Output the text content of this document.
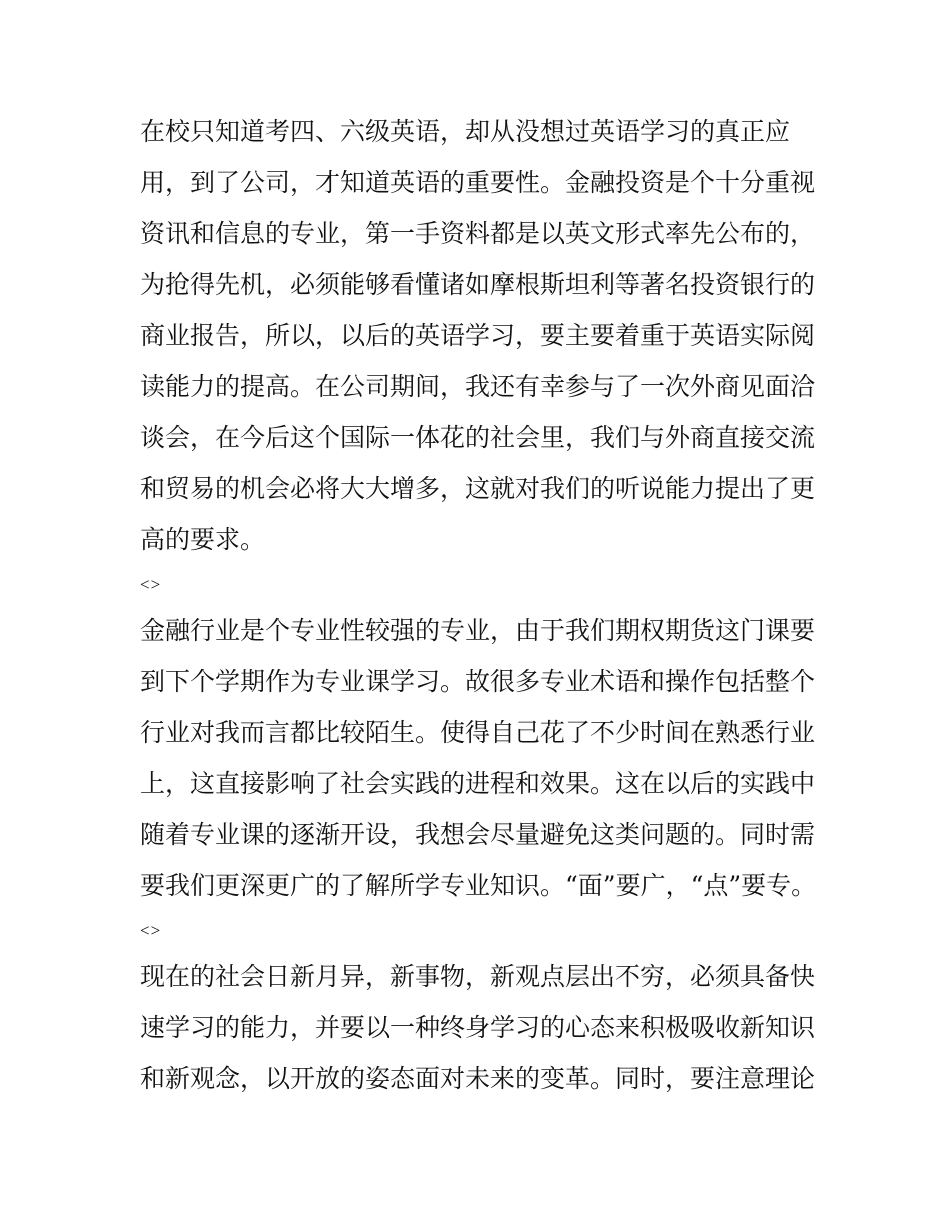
在校只知道考四、六级英语，却从没想过英语学习的真正应
用，到了公司，才知道英语的重要性。金融投资是个十分重视
资讯和信息的专业，第一手资料都是以英文形式率先公布的，
为抢得先机，必须能够看懂诸如摩根斯坦利等著名投资银行的
商业报告，所以，以后的英语学习，要主要着重于英语实际阅
读能力的提高。在公司期间，我还有幸参与了一次外商见面洽
谈会，在今后这个国际一体花的社会里，我们与外商直接交流
和贸易的机会必将大大增多，这就对我们的听说能力提出了更
高的要求。
<>
金融行业是个专业性较强的专业，由于我们期权期货这门课要
到下个学期作为专业课学习。故很多专业术语和操作包括整个
行业对我而言都比较陌生。使得自己花了不少时间在熟悉行业
上，这直接影响了社会实践的进程和效果。这在以后的实践中
随着专业课的逐渐开设，我想会尽量避免这类问题的。同时需
要我们更深更广的了解所学专业知识。“面”要广，“点”要专。
<>
现在的社会日新月异，新事物，新观点层出不穷，必须具备快
速学习的能力，并要以一种终身学习的心态来积极吸收新知识
和新观念，以开放的姿态面对未来的变革。同时，要注意理论
